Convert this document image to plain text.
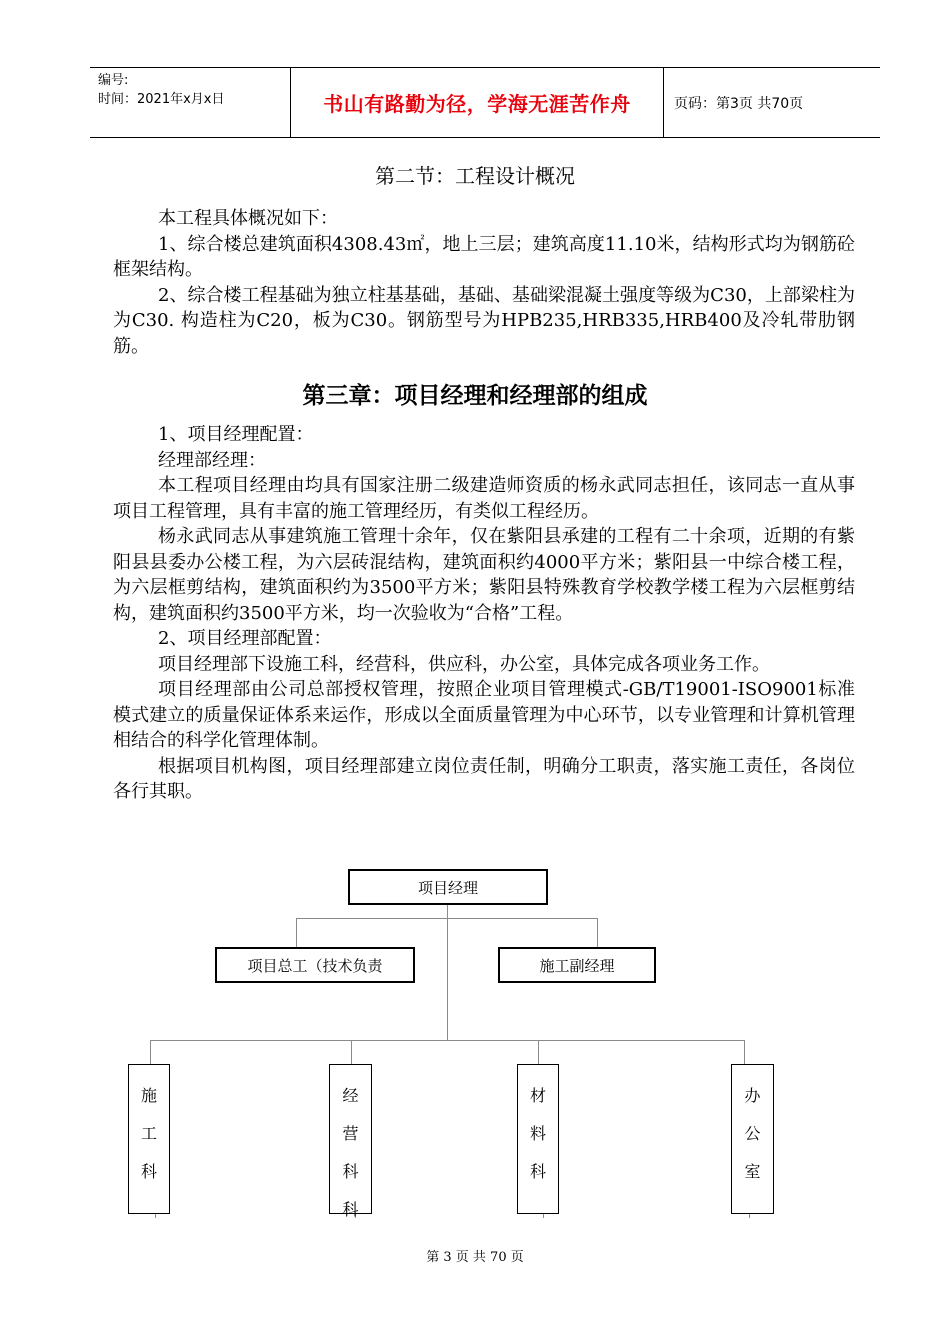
编号:
时间：2021年x月x日	书山有路勤为径，学海无涯苦作舟	页码：第3页 共70页
第二节：工程设计概况

本工程具体概况如下：

1、综合楼总建筑面积4308.43㎡，地上三层；建筑高度11.10米，结构形式均为钢筋砼框架结构。

2、综合楼工程基础为独立柱基基础，基础、基础梁混凝土强度等级为C30，上部梁柱为为C30. 构造柱为C20，板为C30。钢筋型号为HPB235,HRB335,HRB400及冷轧带肋钢筋。

第三章：项目经理和经理部的组成

1、项目经理配置：

经理部经理：

本工程项目经理由均具有国家注册二级建造师资质的杨永武同志担任，该同志一直从事项目工程管理，具有丰富的施工管理经历，有类似工程经历。

杨永武同志从事建筑施工管理十余年，仅在紫阳县承建的工程有二十余项，近期的有紫阳县县委办公楼工程，为六层砖混结构，建筑面积约4000平方米；紫阳县一中综合楼工程，为六层框剪结构，建筑面积约为3500平方米；紫阳县特殊教育学校教学楼工程为六层框剪结构，建筑面积约3500平方米，均一次验收为“合格”工程。

2、项目经理部配置：

项目经理部下设施工科，经营科，供应科，办公室，具体完成各项业务工作。

项目经理部由公司总部授权管理，按照企业项目管理模式-GB/T19001-ISO9001标准模式建立的质量保证体系来运作，形成以全面质量管理为中心环节，以专业管理和计算机管理相结合的科学化管理体制。

根据项目机构图，项目经理部建立岗位责任制，明确分工职责，落实施工责任，各岗位各行其职。

项目经理
项目总工（技术负责	施工副经理
施
工
科
经
营
科
科
材
料
科
办
公
室
第 3 页 共 70 页
